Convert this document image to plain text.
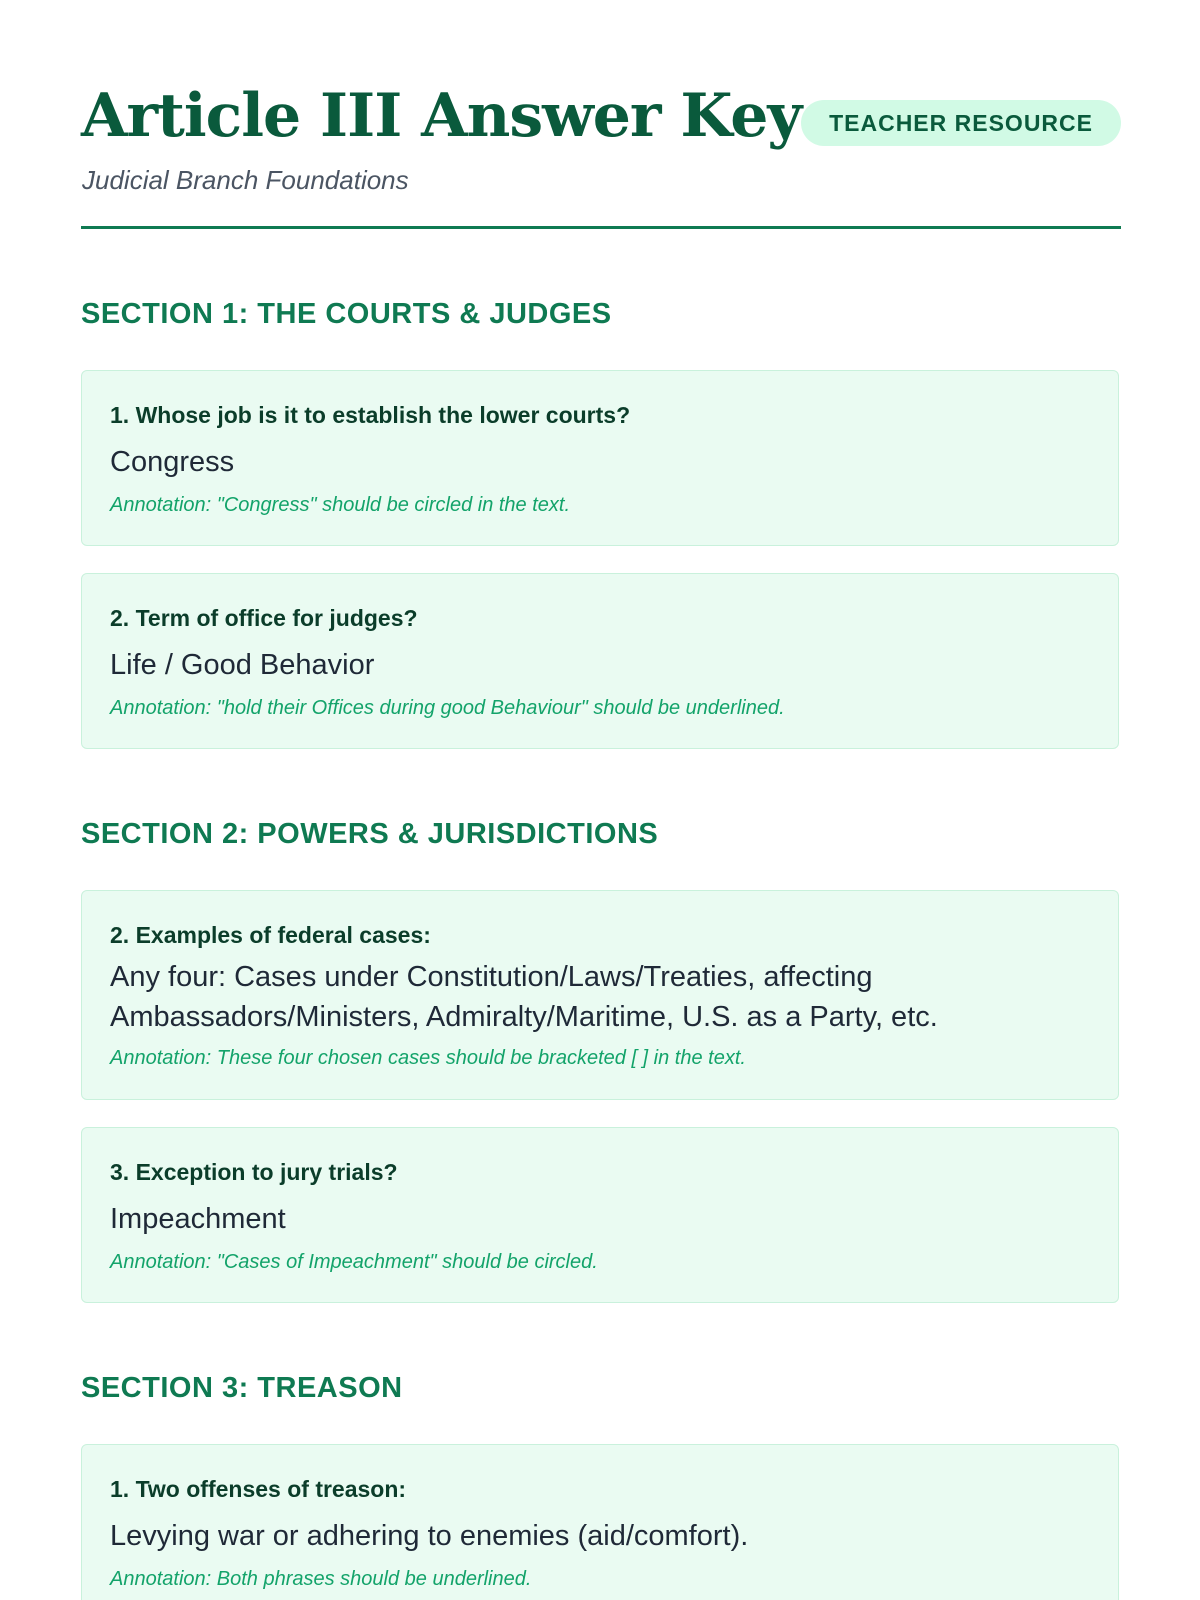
Article III Answer Key
Judicial Branch Foundations
TEACHER RESOURCE
SECTION 1: THE COURTS & JUDGES
1. Whose job is it to establish the lower courts?
Congress
Annotation: "Congress" should be circled in the text.
2. Term of office for judges?
Life / Good Behavior
Annotation: "hold their Offices during good Behaviour" should be underlined.
SECTION 2: POWERS & JURISDICTIONS
2. Examples of federal cases:
Any four: Cases under Constitution/Laws/Treaties, affecting Ambassadors/Ministers, Admiralty/Maritime, U.S. as a Party, etc.
Annotation: These four chosen cases should be bracketed [ ] in the text.
3. Exception to jury trials?
Impeachment
Annotation: "Cases of Impeachment" should be circled.
SECTION 3: TREASON
1. Two offenses of treason:
Levying war or adhering to enemies (aid/comfort).
Annotation: Both phrases should be underlined.
